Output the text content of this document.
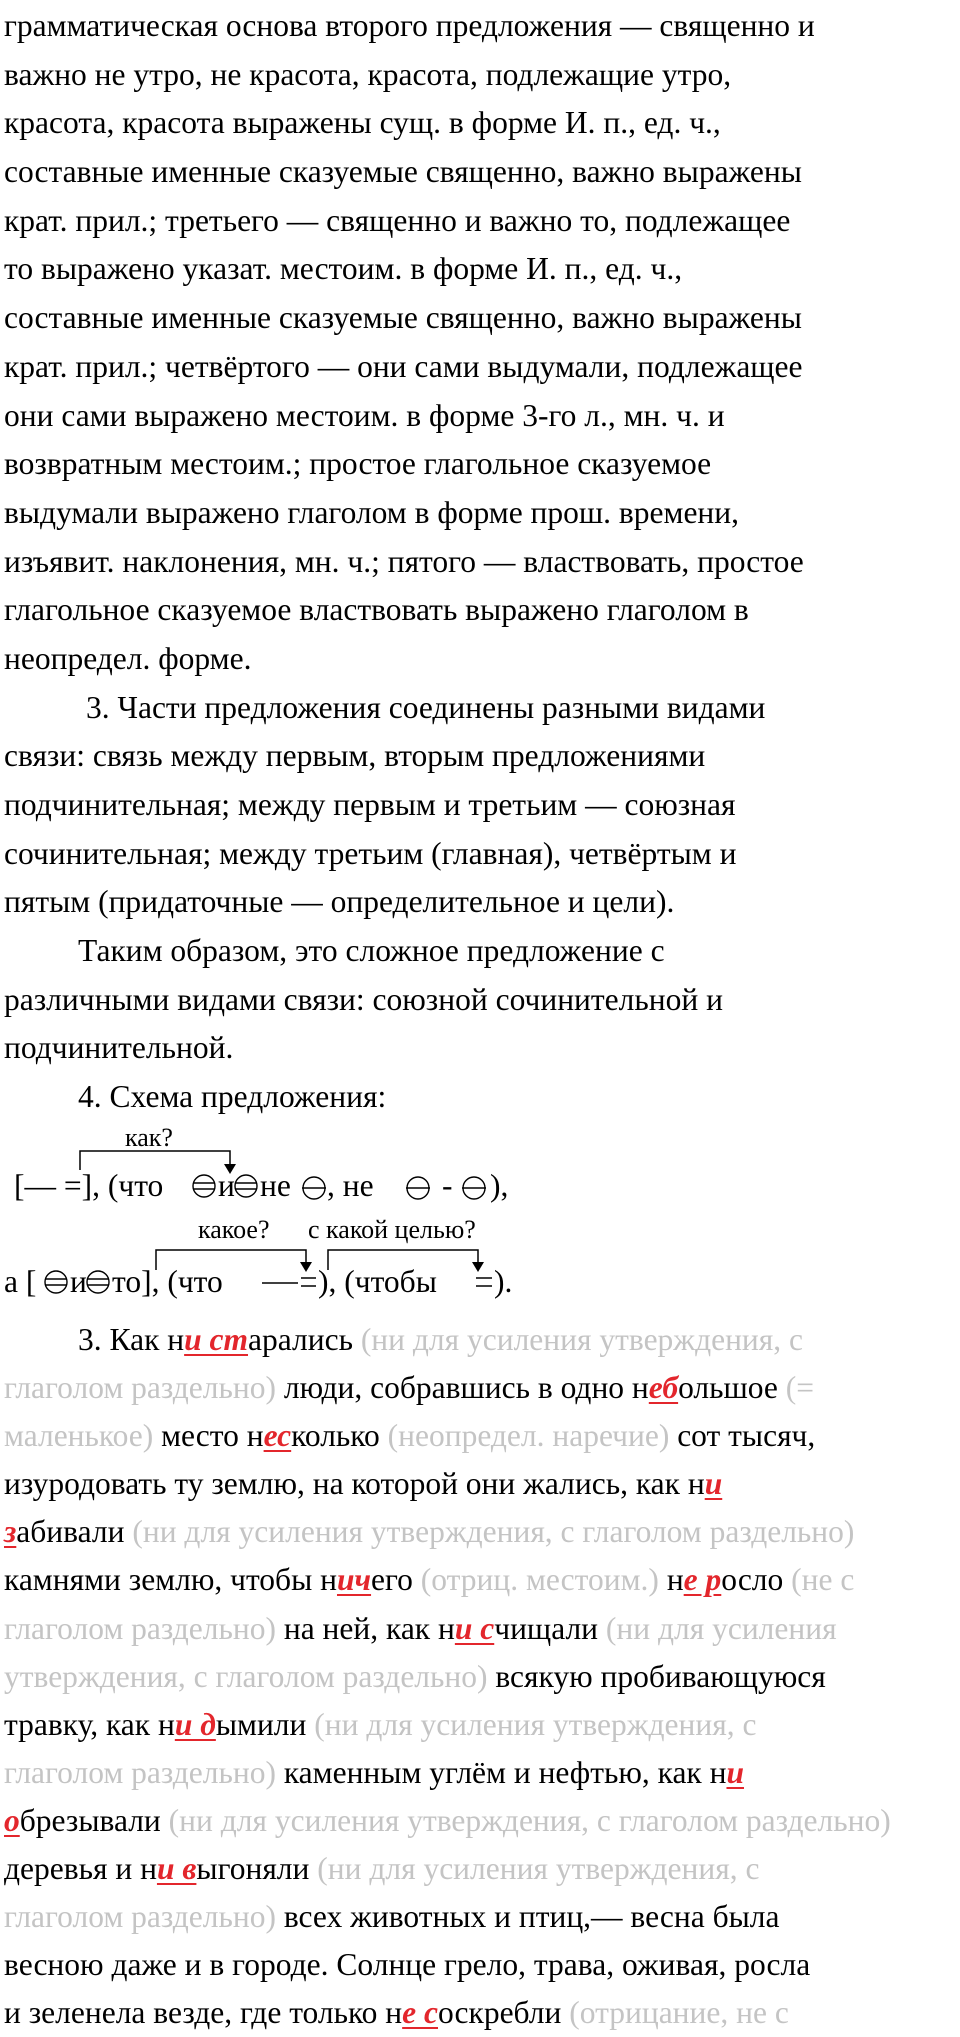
грамматическая основа второго предложения — священно и
важно не утро, не красота, красота, подлежащие утро,
красота, красота выражены сущ. в форме И. п., ед. ч.,
составные именные сказуемые священно, важно выражены
крат. прил.; третьего — священно и важно то, подлежащее
то выражено указат. местоим. в форме И. п., ед. ч.,
составные именные сказуемые священно, важно выражены
крат. прил.; четвёртого — они сами выдумали, подлежащее
они сами выражено местоим. в форме 3-го л., мн. ч. и
возвратным местоим.; простое глагольное сказуемое
выдумали выражено глаголом в форме прош. времени,
изъявит. наклонения, мн. ч.; пятого — властвовать, простое
глагольное сказуемое властвовать выражено глаголом в
неопредел. форме.
3. Части предложения соединены разными видами
связи: связь между первым, вторым предложениями
подчинительная; между первым и третьим — союзная
сочинительная; между третьим (главная), четвёртым и
пятым (придаточные — определительное и цели).
Таким образом, это сложное предложение с
различными видами связи: союзной сочинительной и
подчинительной.
4. Схема предложения:
как?
[— =], (что и не , не - ),
какое? с какой целью?
а [ и то], (что	), (чтобы ).
3. Как ни старались (ни для усиления утверждения, с
глаголом раздельно) люди, собравшись в одно небольшое (=
маленькое) место несколько (неопредел. наречие) сот тысяч,
изуродовать ту землю, на которой они жались, как ни
забивали (ни для усиления утверждения, с глаголом раздельно)
камнями землю, чтобы ничего (отриц. местоим.) не росло (не с
глаголом раздельно) на ней, как ни счищали (ни для усиления
утверждения, с глаголом раздельно) всякую пробивающуюся
травку, как ни дымили (ни для усиления утверждения, с
глаголом раздельно) каменным углём и нефтью, как ни
обрезывали (ни для усиления утверждения, с глаголом раздельно)
деревья и ни выгоняли (ни для усиления утверждения, с
глаголом раздельно) всех животных и птиц,— весна была
весною даже и в городе. Солнце грело, трава, оживая, росла
и зеленела везде, где только не соскребли (отрицание, не с
